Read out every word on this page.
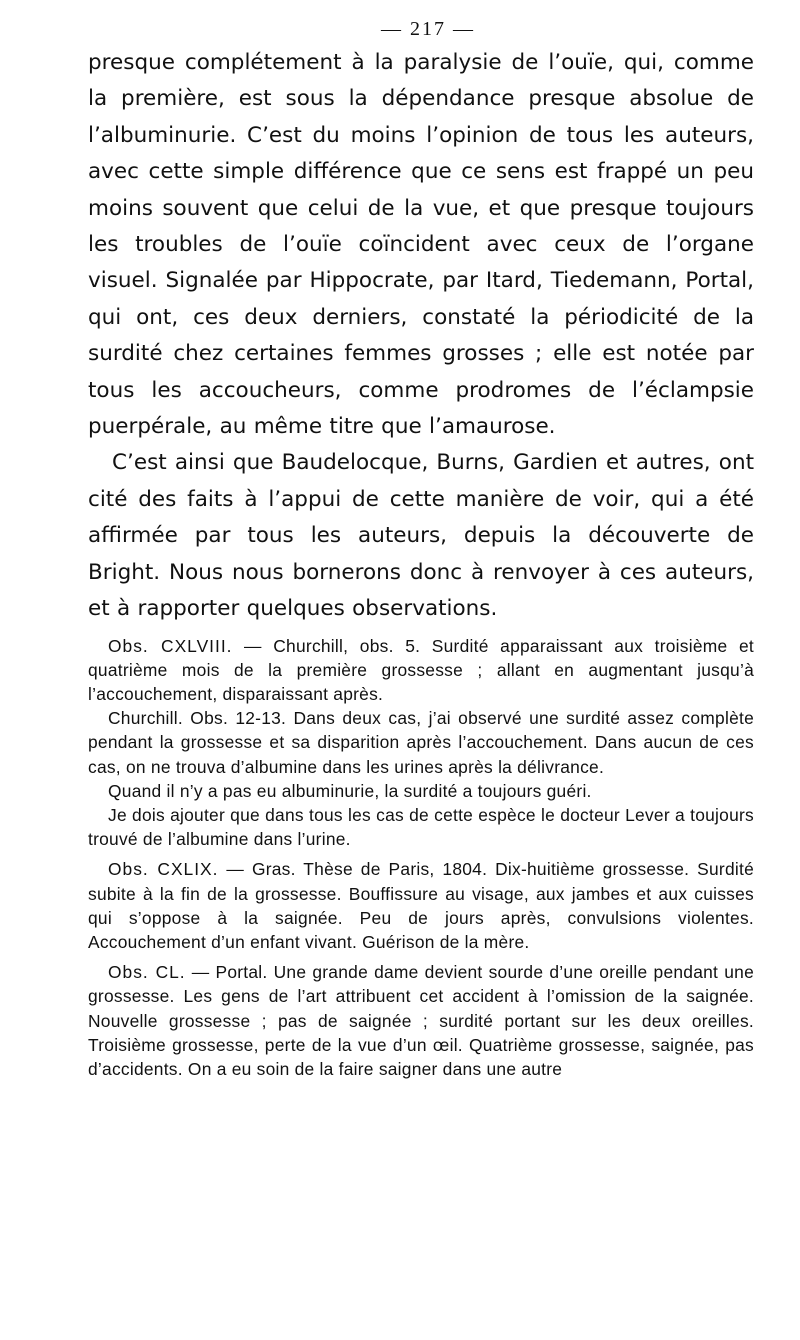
— 217 —

presque complétement à la paralysie de l’ouïe, qui, comme la première, est sous la dépendance presque absolue de l’albuminurie. C’est du moins l’opinion de tous les auteurs, avec cette simple différence que ce sens est frappé un peu moins souvent que celui de la vue, et que presque toujours les troubles de l’ouïe coïncident avec ceux de l’organe visuel. Signalée par Hippocrate, par Itard, Tiedemann, Portal, qui ont, ces deux derniers, constaté la périodicité de la surdité chez certaines femmes grosses ; elle est notée par tous les accoucheurs, comme prodromes de l’éclampsie puerpérale, au même titre que l’amaurose.

C’est ainsi que Baudelocque, Burns, Gardien et autres, ont cité des faits à l’appui de cette manière de voir, qui a été affirmée par tous les auteurs, depuis la découverte de Bright. Nous nous bornerons donc à renvoyer à ces auteurs, et à rapporter quelques observations.

Obs. CXLVIII. — Churchill, obs. 5. Surdité apparaissant aux troisième et quatrième mois de la première grossesse ; allant en augmentant jusqu’à l’accouchement, disparaissant après.

Churchill. Obs. 12-13. Dans deux cas, j’ai observé une surdité assez complète pendant la grossesse et sa disparition après l’accouchement. Dans aucun de ces cas, on ne trouva d’albumine dans les urines après la délivrance.

Quand il n’y a pas eu albuminurie, la surdité a toujours guéri.

Je dois ajouter que dans tous les cas de cette espèce le docteur Lever a toujours trouvé de l’albumine dans l’urine.

Obs. CXLIX. — Gras. Thèse de Paris, 1804. Dix-huitième grossesse. Surdité subite à la fin de la grossesse. Bouffissure au visage, aux jambes et aux cuisses qui s’oppose à la saignée. Peu de jours après, convulsions violentes. Accouchement d’un enfant vivant. Guérison de la mère.

Obs. CL. — Portal. Une grande dame devient sourde d’une oreille pendant une grossesse. Les gens de l’art attribuent cet accident à l’omission de la saignée. Nouvelle grossesse ; pas de saignée ; surdité portant sur les deux oreilles. Troisième grossesse, perte de la vue d’un œil. Quatrième grossesse, saignée, pas d’accidents. On a eu soin de la faire saigner dans une autre
